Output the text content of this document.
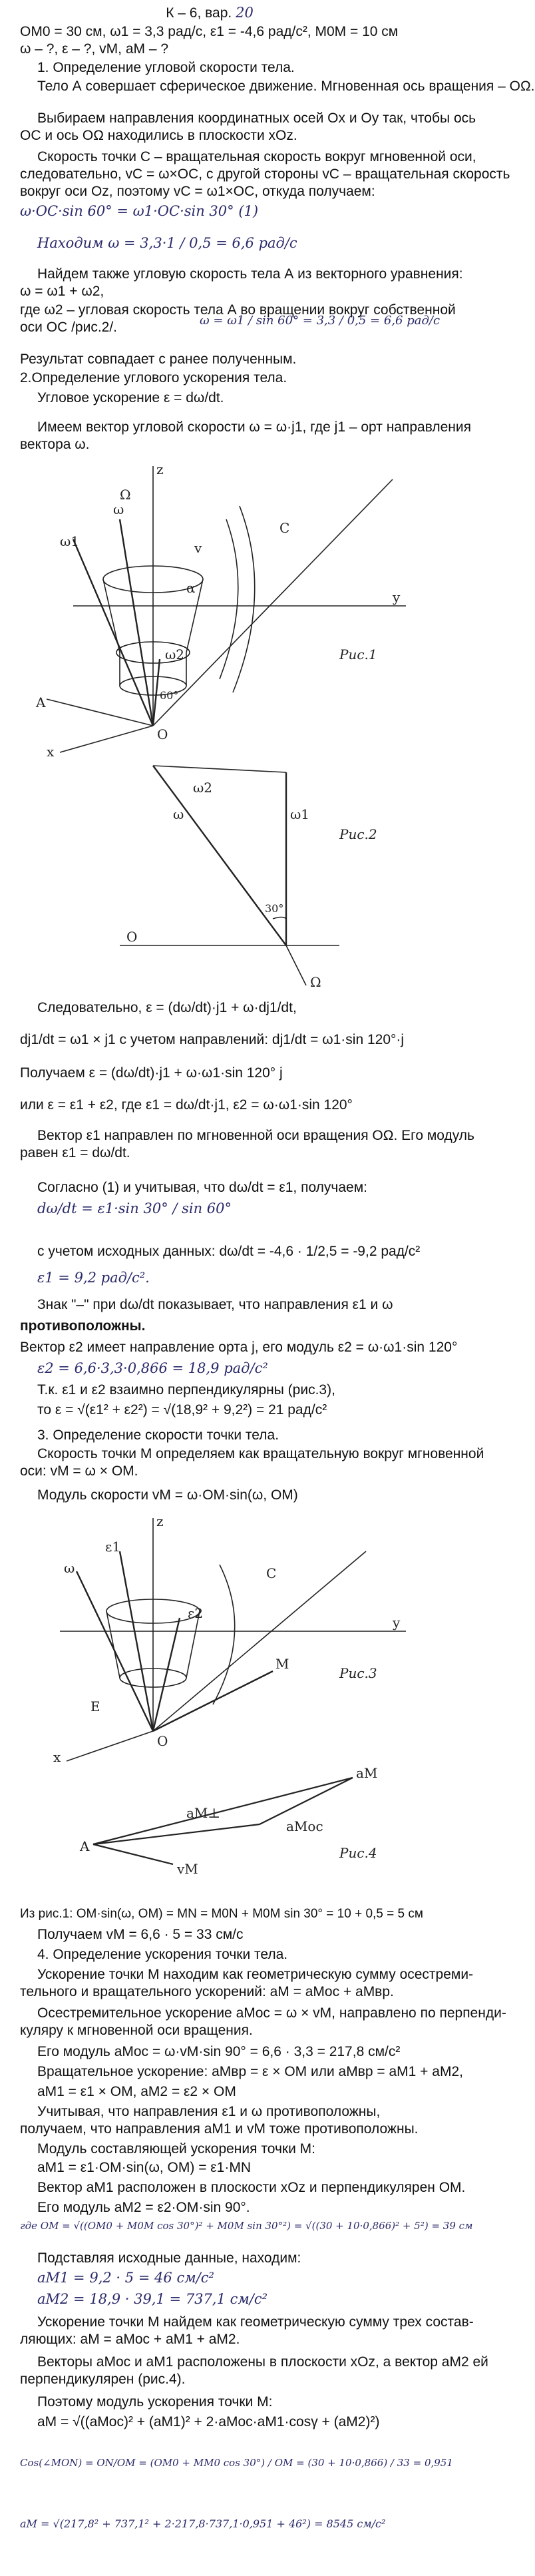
К – 6, вар. 20
OM0 = 30 см, ω1 = 3,3 рад/с, ε1 = -4,6 рад/с², M0M = 10 см
ω – ?, ε – ?, vM, aM – ?
1. Определение угловой скорости тела.
Тело А совершает сферическое движение. Мгновенная ось вращения – OΩ.
Выбираем направления координатных осей Ox и Oy так, чтобы ось
OC и ось OΩ находились в плоскости xOz.
Скорость точки C – вращательная скорость вокруг мгновенной оси,
следовательно, vC = ω×OC, с другой стороны vC – вращательная скорость
вокруг оси Oz, поэтому vC = ω1×OC, откуда получаем:
ω·OC·sin 60° = ω1·OC·sin 30° (1)
Находим ω = 3,3·1 / 0,5 = 6,6 рад/с
Найдем также угловую скорость тела А из векторного уравнения:
ω = ω1 + ω2,
где ω2 – угловая скорость тела А во вращении вокруг собственной
оси OC /рис.2/.	ω = ω1 / sin 60° = 3,3 / 0,5 = 6,6 рад/с
Результат совпадает с ранее полученным.
2.Определение углового ускорения тела.
Угловое ускорение ε = dω/dt.
Имеем вектор угловой скорости ω = ω·j1, где j1 – орт направления
вектора ω.
z
ω
ω1
ω2
Ω
C
A
O
x
y
v
α
60°
Рис.1
ω	ω1
ω2
30°
O
Ω
Рис.2
Следовательно, ε = (dω/dt)·j1 + ω·dj1/dt,
dj1/dt = ω1 × j1 с учетом направлений: dj1/dt = ω1·sin 120°·j
Получаем ε = (dω/dt)·j1 + ω·ω1·sin 120° j
или ε = ε1 + ε2, где ε1 = dω/dt·j1, ε2 = ω·ω1·sin 120°
Вектор ε1 направлен по мгновенной оси вращения OΩ. Его модуль
равен ε1 = dω/dt.
Согласно (1) и учитывая, что dω/dt = ε1, получаем:
dω/dt = ε1·sin 30° / sin 60°
с учетом исходных данных: dω/dt = -4,6 · 1/2,5 = -9,2 рад/с²
ε1 = 9,2 рад/с².
Знак "–" при dω/dt показывает, что направления ε1 и ω
противоположны.
Вектор ε2 имеет направление орта j, его модуль ε2 = ω·ω1·sin 120°
ε2 = 6,6·3,3·0,866 = 18,9 рад/с²
Т.к. ε1 и ε2 взаимно перпендикулярны (рис.3),
то ε = √(ε1² + ε2²) = √(18,9² + 9,2²) = 21 рад/с²
3. Определение скорости точки тела.
Скорость точки М определяем как вращательную вокруг мгновенной
оси: vM = ω × OM.
Модуль скорости vM = ω·OM·sin(ω, OM)
z
ε1
ε2
ω	C
O
M
x
y
E
Рис.3
aM
aM⊥
aMос
vM
A	Рис.4
Из рис.1: OM·sin(ω, OM) = MN = M0N + M0M sin 30° = 10 + 0,5 = 5 см
Получаем vM = 6,6 · 5 = 33 см/с
4. Определение ускорения точки тела.
Ускорение точки М находим как геометрическую сумму осестреми-
тельного и вращательного ускорений: aM = aMос + aMвр.
Осестремительное ускорение aMос = ω × vM, направлено по перпенди-
куляру к мгновенной оси вращения.
Его модуль aMос = ω·vM·sin 90° = 6,6 · 3,3 = 217,8 см/с²
Вращательное ускорение: aMвр = ε × OM или aMвр = aM1 + aM2,
aM1 = ε1 × OM, aM2 = ε2 × OM
Учитывая, что направления ε1 и ω противоположны,
получаем, что направления aM1 и vM тоже противоположны.
Модуль составляющей ускорения точки М:
aM1 = ε1·OM·sin(ω, OM) = ε1·MN
Вектор aM1 расположен в плоскости xOz и перпендикулярен OM.
Его модуль aM2 = ε2·OM·sin 90°.
где OM = √((OM0 + M0M cos 30°)² + M0M sin 30°²) = √((30 + 10·0,866)² + 5²) = 39 см
Подставляя исходные данные, находим:
aM1 = 9,2 · 5 = 46 см/с²
aM2 = 18,9 · 39,1 = 737,1 см/с²
Ускорение точки М найдем как геометрическую сумму трех состав-
ляющих: aM = aMос + aM1 + aM2.
Векторы aMос и aM1 расположены в плоскости xOz, а вектор aM2 ей
перпендикулярен (рис.4).
Поэтому модуль ускорения точки М:
aM = √((aMос)² + (aM1)² + 2·aMос·aM1·cosγ + (aM2)²)
Cos(∠MON) = ON/OM = (OM0 + MM0 cos 30°) / OM = (30 + 10·0,866) / 33 = 0,951
aM = √(217,8² + 737,1² + 2·217,8·737,1·0,951 + 46²) = 8545 см/с²
